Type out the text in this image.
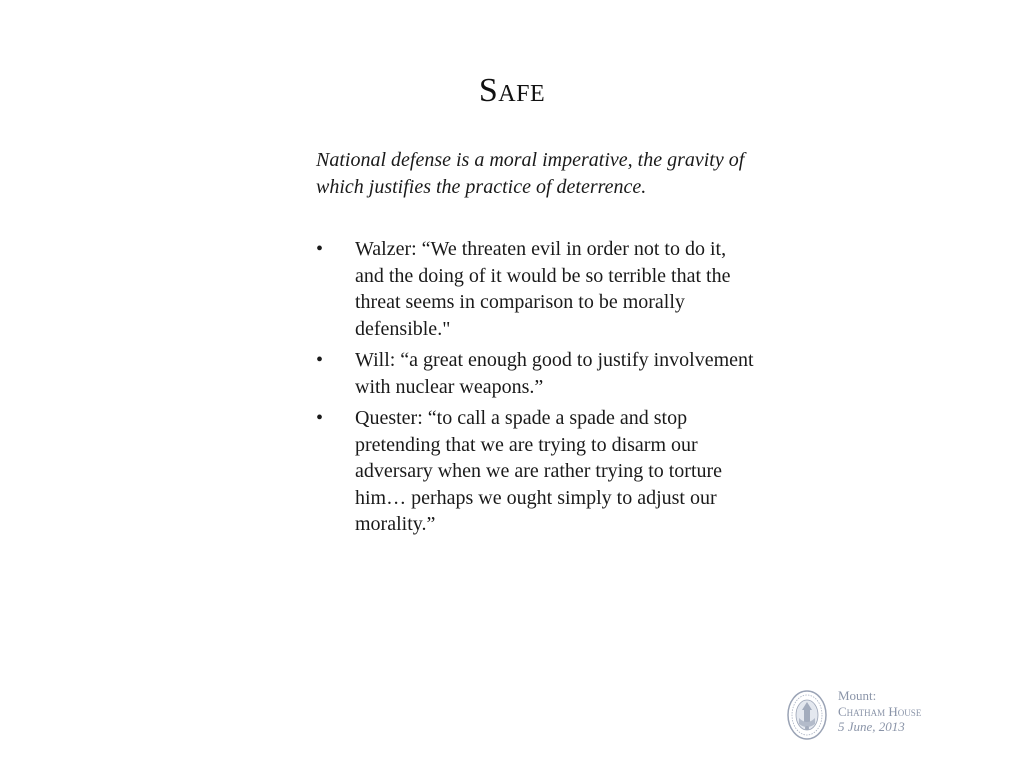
Safe

National defense is a moral imperative, the gravity of which justifies the practice of deterrence.

• Walzer: “We threaten evil in order not to do it, and the doing of it would be so terrible that the threat seems in comparison to be morally defensible."
• Will: “a great enough good to justify involvement with nuclear weapons.”
• Quester: “to call a spade a spade and stop pretending that we are trying to disarm our adversary when we are rather trying to torture him… perhaps we ought simply to adjust our morality.”
Mount:
Chatham House
5 June, 2013
